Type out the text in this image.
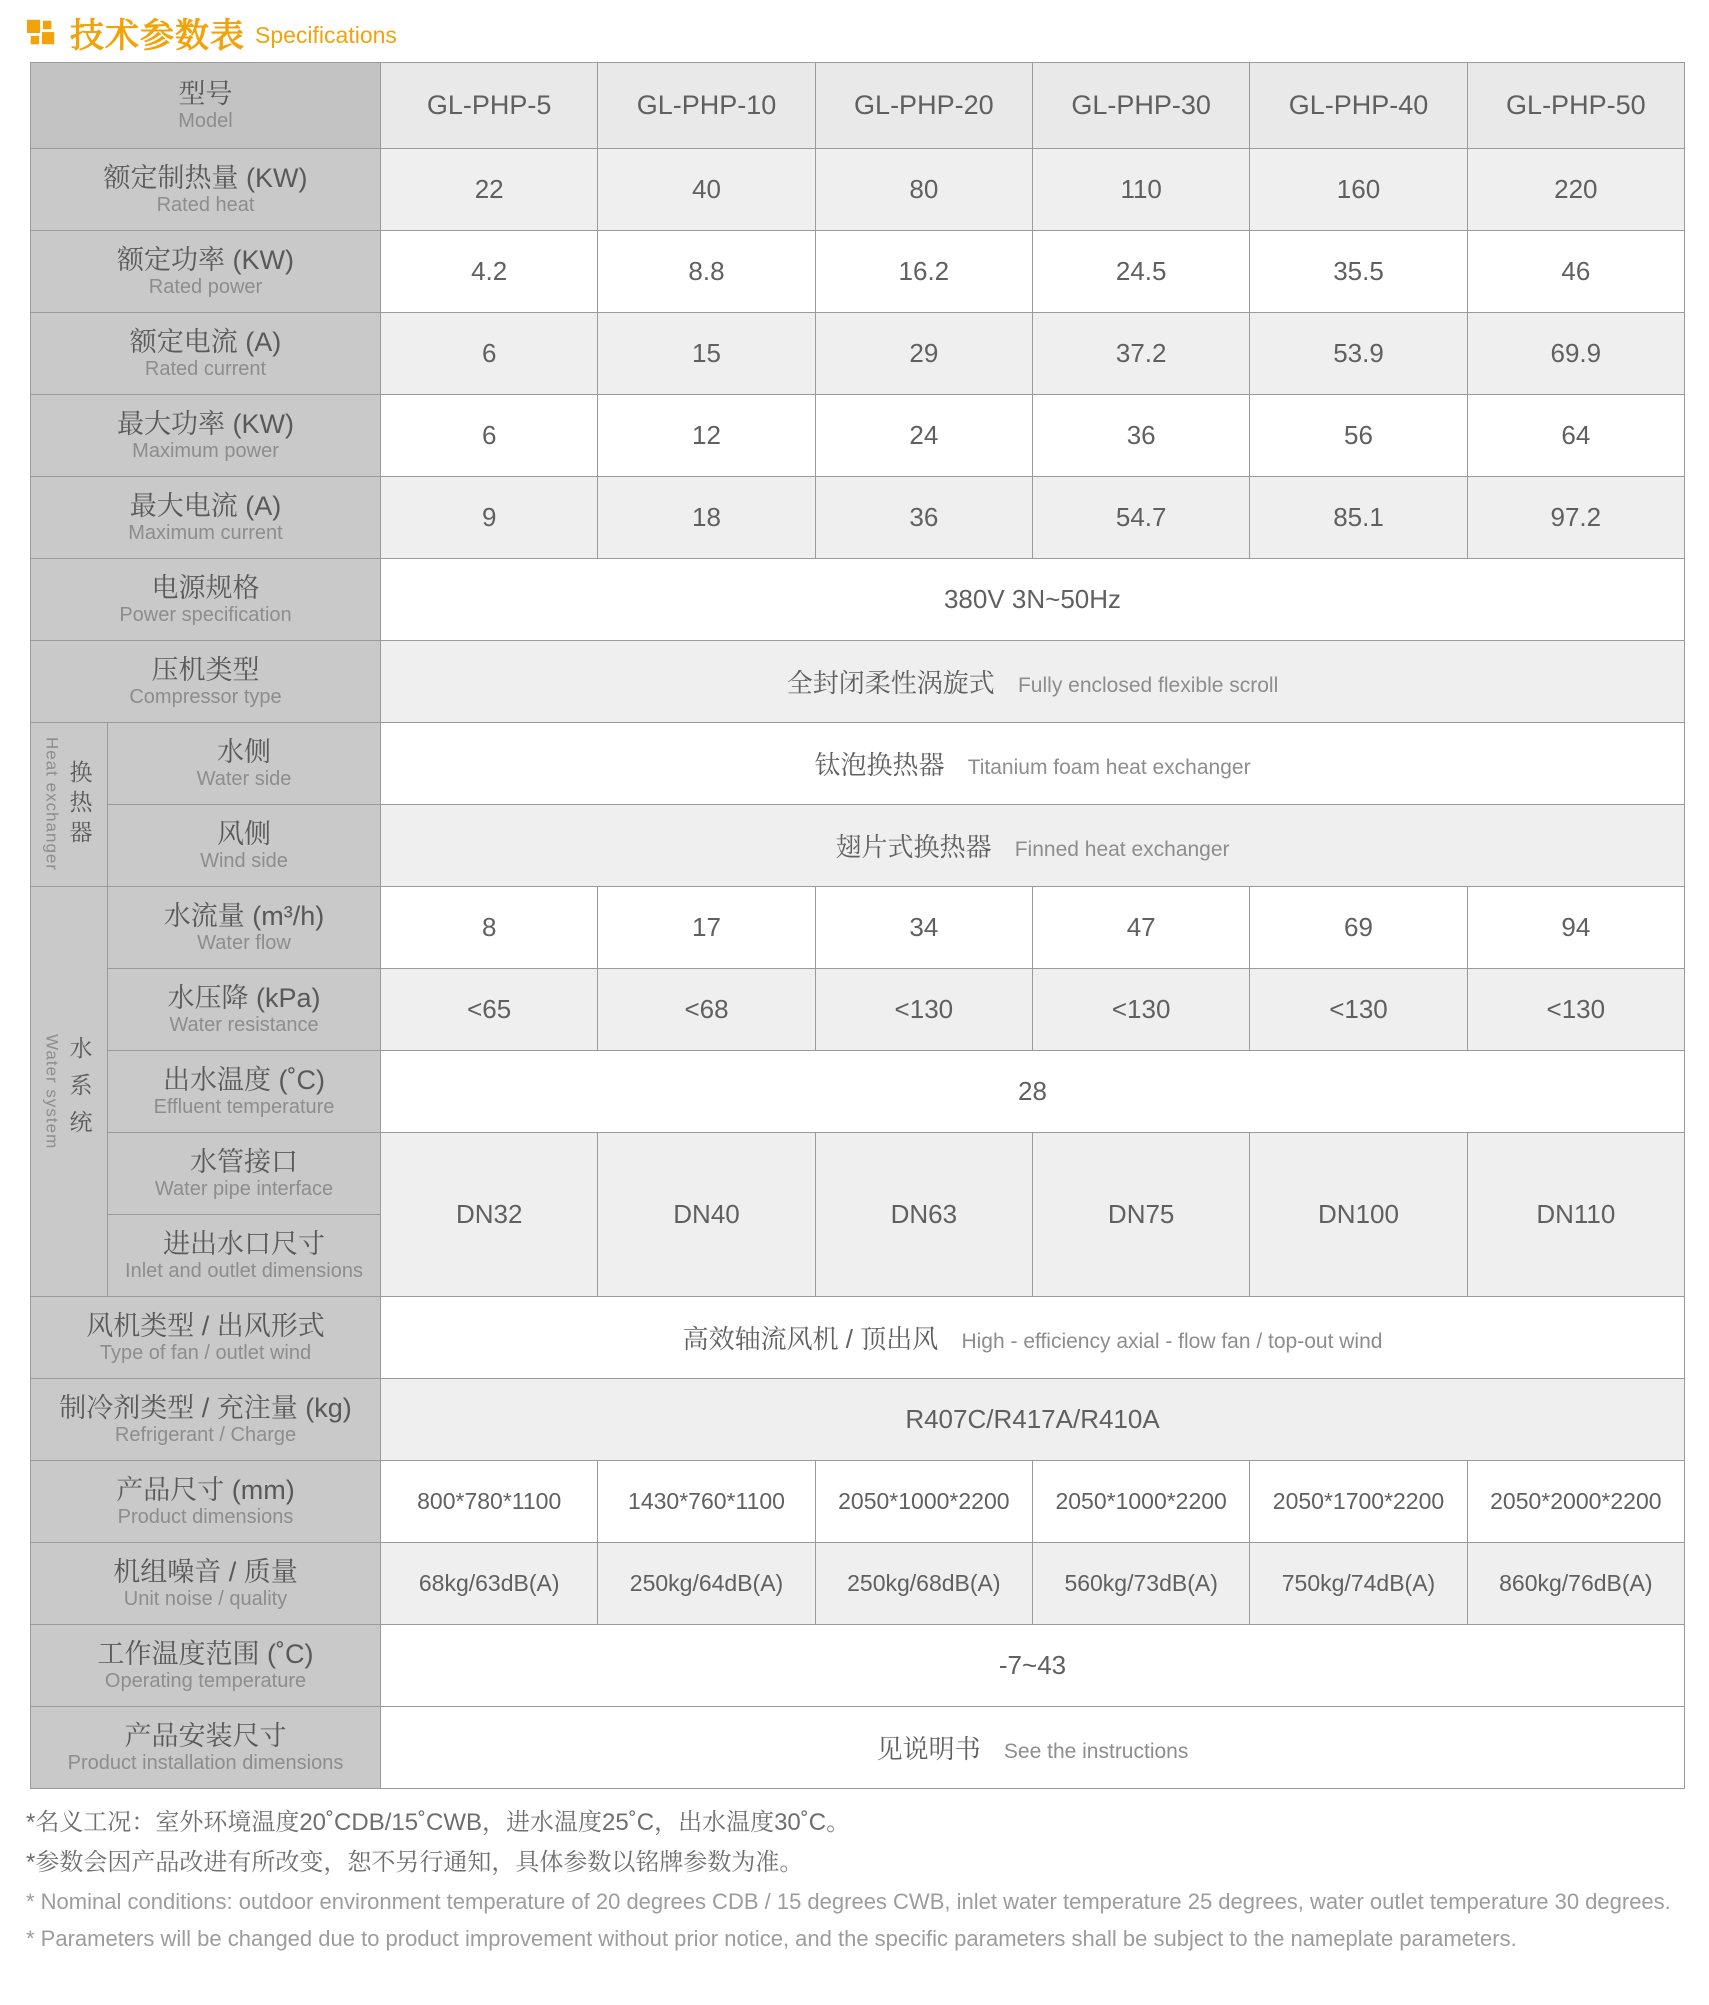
技术参数表 Specifications
型号
Model		GL-PHP-5	GL-PHP-10	GL-PHP-20	GL-PHP-30	GL-PHP-40	GL-PHP-50

额定制热量 (KW)
Rated heat		22	40	80	110	160	220

额定功率 (KW)
Rated power		4.2	8.8	16.2	24.5	35.5	46

额定电流 (A)
Rated current		6	15	29	37.2	53.9	69.9

最大功率 (KW)
Maximum power		6	12	24	36	56	64

最大电流 (A)
Maximum current		9	18	36	54.7	85.1	97.2

电源规格
Power specification		380V 3N~50Hz					

压机类型
Compressor type		全封闭柔性涡旋式 Fully enclosed flexible scroll					

Heat exchanger 换热器

水侧
Water side	钛泡换热器 Titanium foam heat exchanger

	风侧
Wind side	翅片式换热器 Finned heat exchanger					

Water system 水系统

水流量 (m³/h)
Water flow
	8	17	34	47	69	94

	水压降 (kPa)
Water resistance	<65	<68	<130	<130	<130	<130

	出水温度 (˚C)
Effluent temperature	28					

	水管接口
Water pipe interface	DN32	DN40	DN63	DN75	DN100	DN110

	进出水口尺寸
Inlet and outlet dimensions						

风机类型 / 出风形式
Type of fan / outlet wind		高效轴流风机 / 顶出风 High - efficiency axial - flow fan / top-out wind					

制冷剂类型 / 充注量 (kg)
Refrigerant / Charge		R407C/R417A/R410A					

产品尺寸 (mm)
Product dimensions		800*780*1100	1430*760*1100	2050*1000*2200	2050*1000*2200	2050*1700*2200	2050*2000*2200

机组噪音 / 质量
Unit noise / quality		68kg/63dB(A)	250kg/64dB(A)	250kg/68dB(A)	560kg/73dB(A)	750kg/74dB(A)	860kg/76dB(A)

工作温度范围 (˚C)
Operating temperature		-7~43					

产品安装尺寸
Product installation dimensions		见说明书 See the instructions					

*名义工况：室外环境温度20˚CDB/15˚CWB，进水温度25˚C，出水温度30˚C。

*参数会因产品改进有所改变，恕不另行通知，具体参数以铭牌参数为准。

* Nominal conditions: outdoor environment temperature of 20 degrees CDB / 15 degrees CWB, inlet water temperature 25 degrees, water outlet temperature 30 degrees.

* Parameters will be changed due to product improvement without prior notice, and the specific parameters shall be subject to the nameplate parameters.
